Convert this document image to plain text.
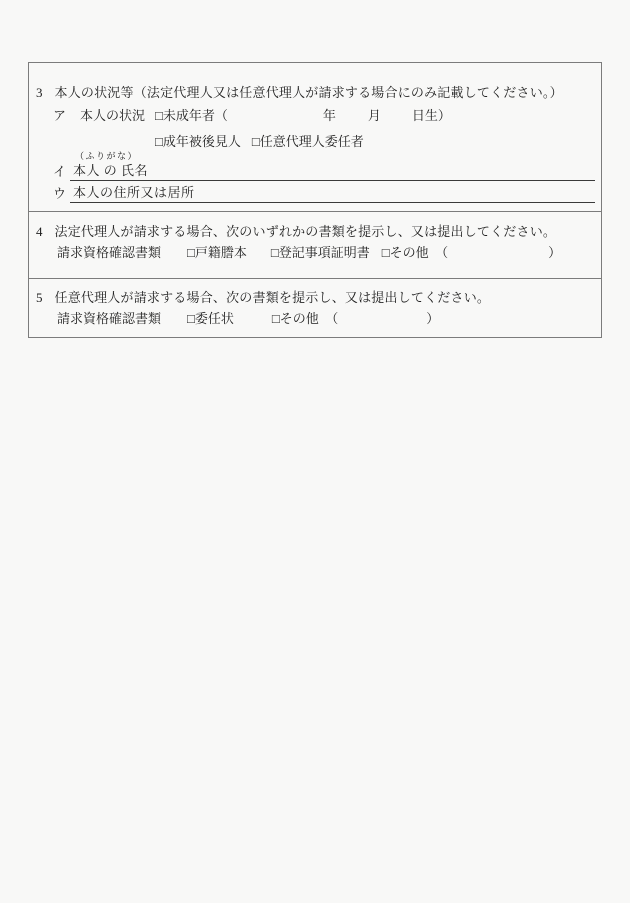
3 本人の状況等（法定代理人又は任意代理人が請求する場合にのみ記載してください。）
ア 本人の状況 □未成年者（	年 月 日生）
□成年被後見人 □任意代理人委任者
イ
（ふりがな）
本人 の 氏名
ウ 本人の住所又は居所
4 法定代理人が請求する場合、次のいずれかの書類を提示し、又は提出してください。
請求資格確認書類 □戸籍謄本 □登記事項証明書 □その他　（	）
5 任意代理人が請求する場合、次の書類を提示し、又は提出してください。
請求資格確認書類 □委任状	□その他　（	）
